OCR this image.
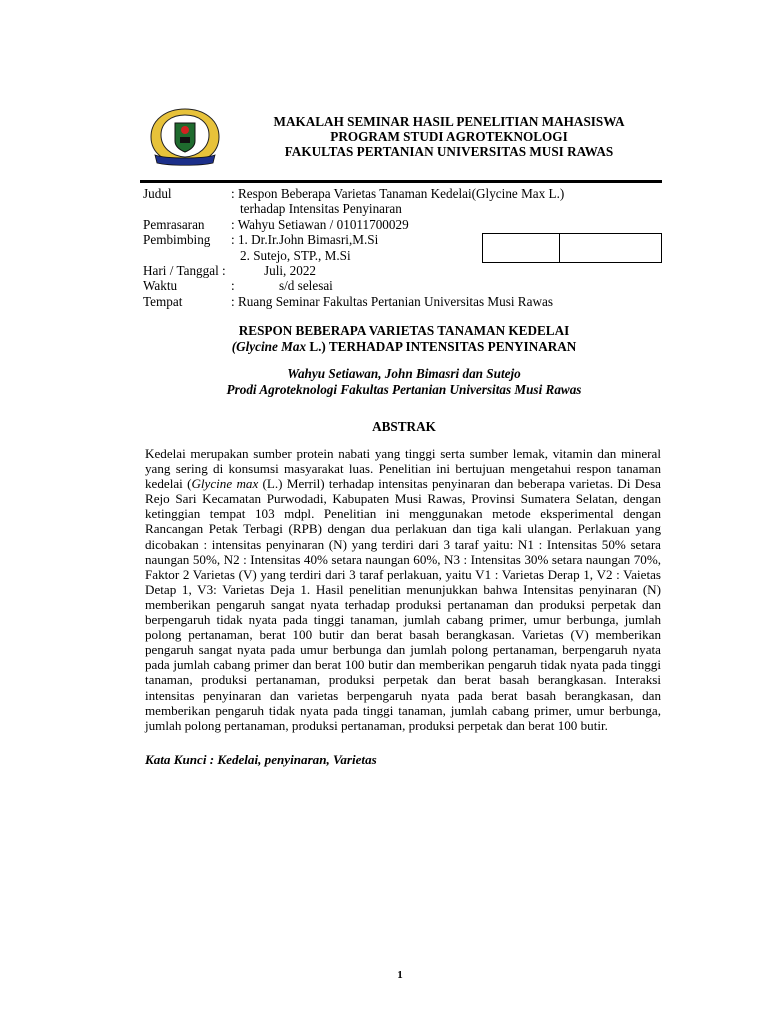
MAKALAH SEMINAR HASIL PENELITIAN MAHASISWA
PROGRAM STUDI AGROTEKNOLOGI
FAKULTAS PERTANIAN UNIVERSITAS MUSI RAWAS
Judul	: Respon Beberapa Varietas Tanaman Kedelai(Glycine Max L.)
terhadap Intensitas Penyinaran
Pemrasaran : Wahyu Setiawan / 01011700029
Pembimbing : 1. Dr.Ir.John Bimasri,M.Si
2. Sutejo, STP., M.Si
Hari / Tanggal :	Juli, 2022
Waktu	:	s/d selesai
Tempat	: Ruang Seminar Fakultas Pertanian Universitas Musi Rawas
RESPON BEBERAPA VARIETAS TANAMAN KEDELAI
(Glycine Max L.) TERHADAP INTENSITAS PENYINARAN
Wahyu Setiawan, John Bimasri dan Sutejo
Prodi Agroteknologi Fakultas Pertanian Universitas Musi Rawas
ABSTRAK
Kedelai merupakan sumber protein nabati yang tinggi serta sumber lemak, vitamin dan mineral yang sering di konsumsi masyarakat luas. Penelitian ini bertujuan mengetahui respon tanaman kedelai (Glycine max (L.) Merril) terhadap intensitas penyinaran dan beberapa varietas. Di Desa Rejo Sari Kecamatan Purwodadi, Kabupaten Musi Rawas, Provinsi Sumatera Selatan, dengan ketinggian tempat 103 mdpl. Penelitian ini menggunakan metode eksperimental dengan Rancangan Petak Terbagi (RPB) dengan dua perlakuan dan tiga kali ulangan. Perlakuan yang dicobakan : intensitas penyinaran (N) yang terdiri dari 3 taraf yaitu: N1 : Intensitas 50% setara naungan 50%, N2 : Intensitas 40% setara naungan 60%, N3 : Intensitas 30% setara naungan 70%, Faktor 2 Varietas (V) yang terdiri dari 3 taraf perlakuan, yaitu V1 : Varietas Derap 1, V2 : Vaietas Detap 1, V3: Varietas Deja 1. Hasil penelitian menunjukkan bahwa Intensitas penyinaran (N) memberikan pengaruh sangat nyata terhadap produksi pertanaman dan produksi perpetak dan berpengaruh tidak nyata pada tinggi tanaman, jumlah cabang primer, umur berbunga, jumlah polong pertanaman, berat 100 butir dan berat basah berangkasan. Varietas (V) memberikan pengaruh sangat nyata pada umur berbunga dan jumlah polong pertanaman, berpengaruh nyata pada jumlah cabang primer dan berat 100 butir dan memberikan pengaruh tidak nyata pada tinggi tanaman, produksi pertanaman, produksi perpetak dan berat basah berangkasan. Interaksi intensitas penyinaran dan varietas berpengaruh nyata pada berat basah berangkasan, dan memberikan pengaruh tidak nyata pada tinggi tanaman, jumlah cabang primer, umur berbunga, jumlah polong pertanaman, produksi pertanaman, produksi perpetak dan berat 100 butir.
Kata Kunci : Kedelai, penyinaran, Varietas
1
